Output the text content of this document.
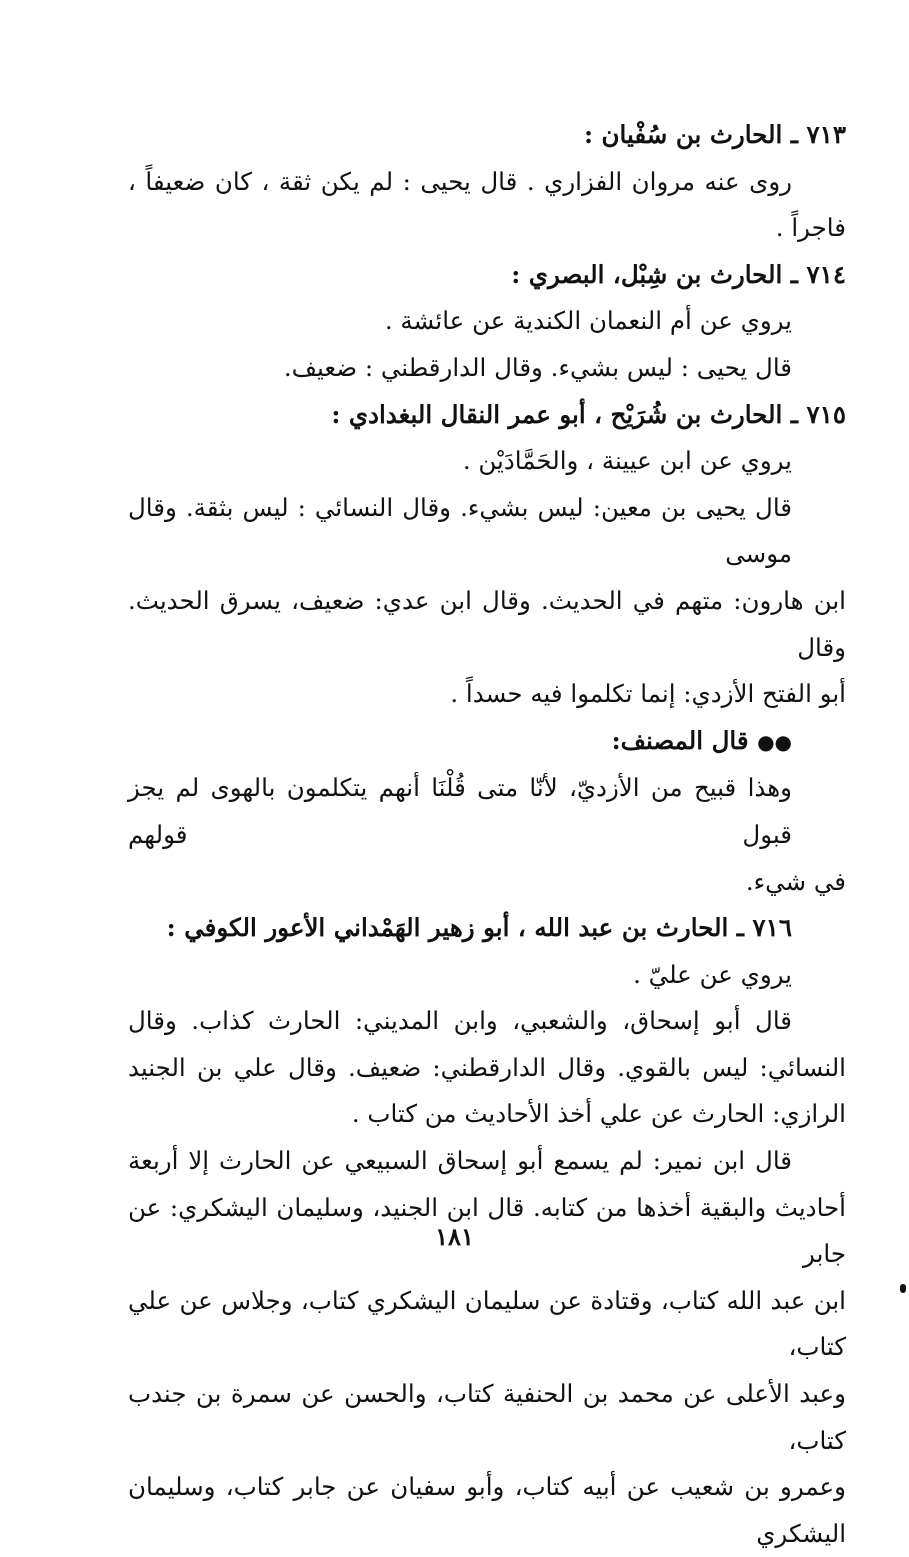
٧١٣ ـ الحارث بن سُفْيان :
روى عنه مروان الفزاري . قال يحيى : لم يكن ثقة ، كان ضعيفاً ،
فاجراً .
٧١٤ ـ الحارث بن شِبْل، البصري :
يروي عن أم النعمان الكندية عن عائشة .
قال يحيى : ليس بشيء. وقال الدارقطني : ضعيف.
٧١٥ ـ الحارث بن شُرَيْح ، أبو عمر النقال البغدادي :
يروي عن ابن عيينة ، والحَمَّادَيْن .
قال يحيى بن معين: ليس بشيء. وقال النسائي : ليس بثقة. وقال موسى
ابن هارون: متهم في الحديث. وقال ابن عدي: ضعيف، يسرق الحديث. وقال
أبو الفتح الأزدي: إنما تكلموا فيه حسداً .
●● قال المصنف:
وهذا قبيح من الأزديّ، لأنّا متى قُلْنَا أنهم يتكلمون بالهوى لم يجز قبول قولهم
في شيء.
٧١٦ ـ الحارث بن عبد الله ، أبو زهير الهَمْداني الأعور الكوفي :
يروي عن عليّ .
قال أبو إسحاق، والشعبي، وابن المديني: الحارث كذاب. وقال
النسائي: ليس بالقوي. وقال الدارقطني: ضعيف. وقال علي بن الجنيد
الرازي: الحارث عن علي أخذ الأحاديث من كتاب .
قال ابن نمير: لم يسمع أبو إسحاق السبيعي عن الحارث إلا أربعة
أحاديث والبقية أخذها من كتابه. قال ابن الجنيد، وسليمان اليشكري: عن جابر
ابن عبد الله كتاب، وقتادة عن سليمان اليشكري كتاب، وجلاس عن علي كتاب،
وعبد الأعلى عن محمد بن الحنفية كتاب، والحسن عن سمرة بن جندب كتاب،
وعمرو بن شعيب عن أبيه كتاب، وأبو سفيان عن جابر كتاب، وسليمان اليشكري
١٨١
